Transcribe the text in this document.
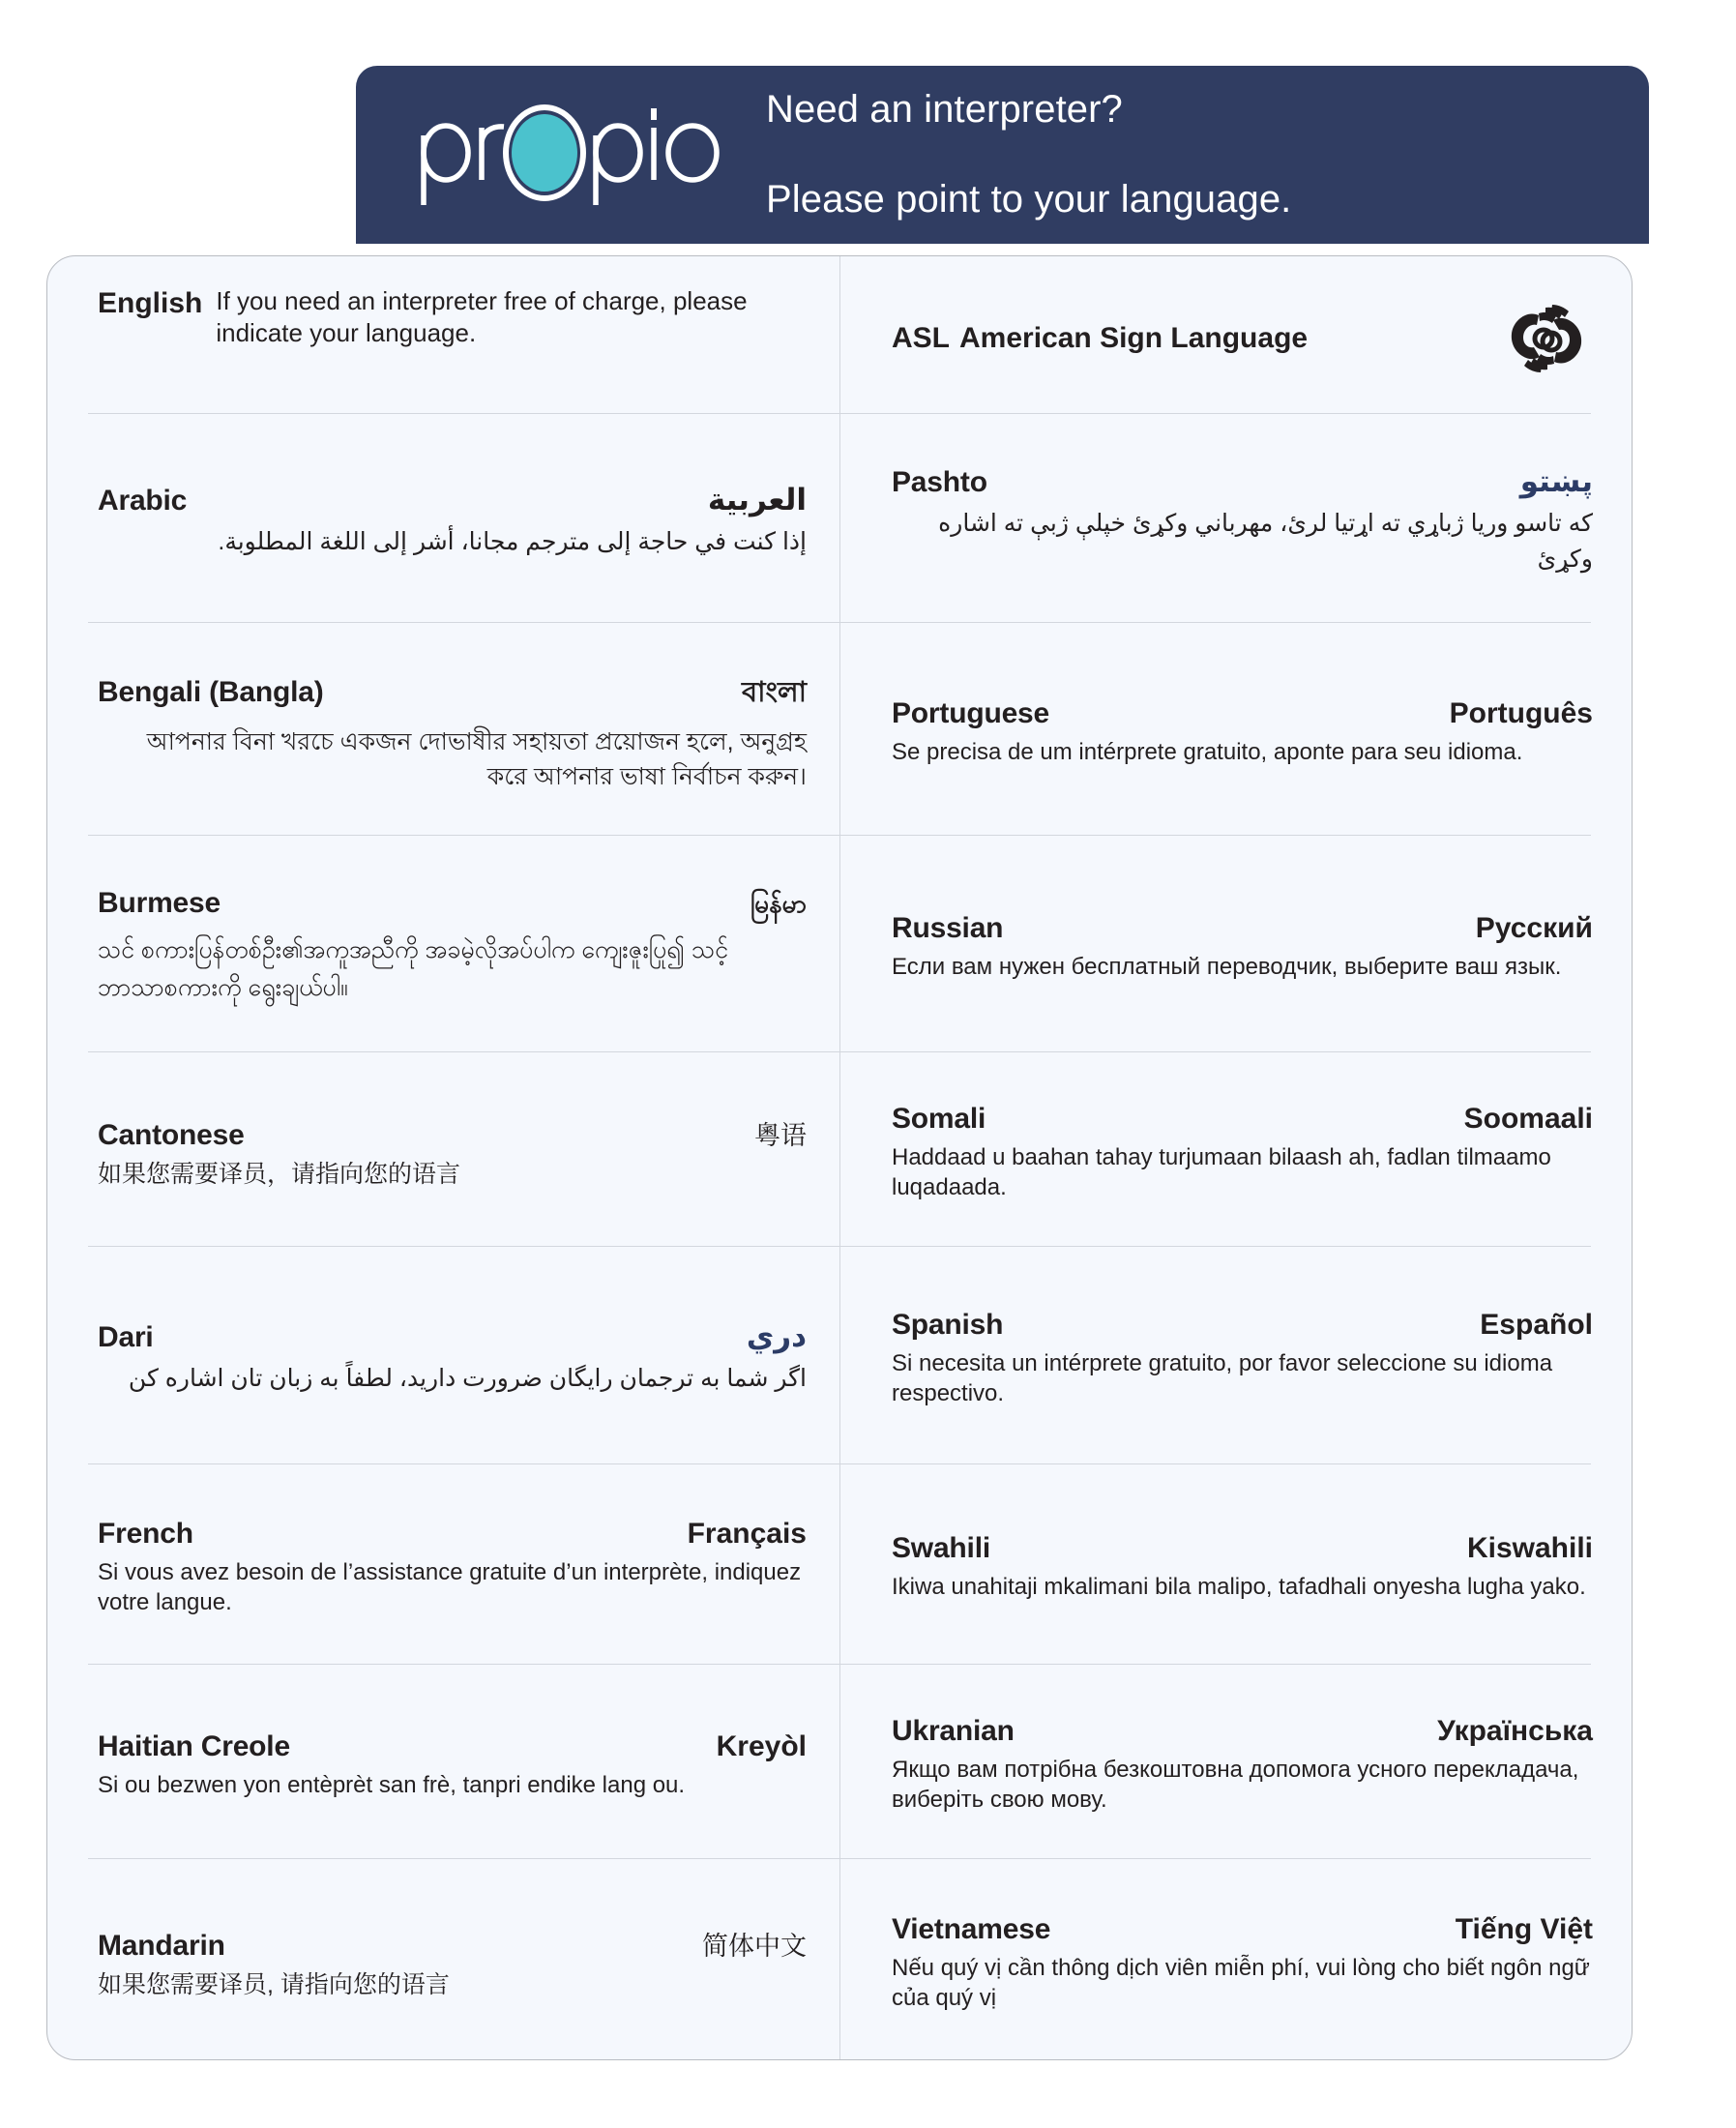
Need an interpreter?

Please point to your language.

English If you need an interpreter free of charge, please indicate your language.	ASL American Sign Language
Arabic	العربية
إذا كنت في حاجة إلى مترجم مجانا، أشر إلى اللغة المطلوبة.
Pashto	پښتو
که تاسو وریا ژباړي ته اړتیا لرئ، مهرباني وکړئ خپلې ژبې ته اشاره وکړئ
Bengali (Bangla)	বাংলা
আপনার বিনা খরচে একজন দোভাষীর সহায়তা প্রয়োজন হলে, অনুগ্রহ করে আপনার ভাষা নির্বাচন করুন।
Portuguese	Português
Se precisa de um intérprete gratuito, aponte para seu idioma.
Burmese	မြန်မာ
သင် စကားပြန်တစ်ဦး၏အကူအညီကို အခမဲ့လိုအပ်ပါက ကျေးဇူးပြု၍ သင့်ဘာသာစကားကို ရွေးချယ်ပါ။
Russian	Русский
Если вам нужен бесплатный переводчик, выберите ваш язык.
Cantonese	粵语
如果您需要译员，请指向您的语言
Somali	Soomaali
Haddaad u baahan tahay turjumaan bilaash ah, fadlan tilmaamo luqadaada.
Dari	دري
اگر شما به ترجمان رایگان ضرورت دارید، لطفاً به زبان تان اشاره کن
Spanish	Español
Si necesita un intérprete gratuito, por favor seleccione su idioma respectivo.
French	Français
Si vous avez besoin de l’assistance gratuite d’un interprète, indiquez votre langue.
Swahili	Kiswahili
Ikiwa unahitaji mkalimani bila malipo, tafadhali onyesha lugha yako.
Haitian Creole	Kreyòl
Si ou bezwen yon entèprèt san frè, tanpri endike lang ou.
Ukranian	Українська
Якщо вам потрібна безкоштовна допомога усного перекладача, виберіть свою мову.
Mandarin	简体中文
如果您需要译员, 请指向您的语言
Vietnamese	Tiếng Việt
Nếu quý vị cần thông dịch viên miễn phí, vui lòng cho biết ngôn ngữ của quý vị
